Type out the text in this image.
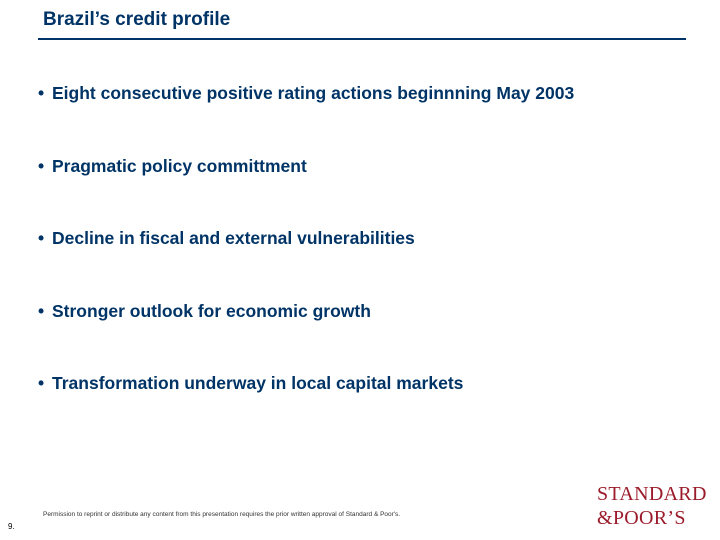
Brazil’s credit profile
• Eight consecutive positive rating actions beginnning May 2003
• Pragmatic policy committment
• Decline in fiscal and external vulnerabilities
• Stronger outlook for economic growth
• Transformation underway in local capital markets
9.
Permission to reprint or distribute any content from this presentation requires the prior written approval of Standard & Poor's.
STANDARD
&POOR’S
